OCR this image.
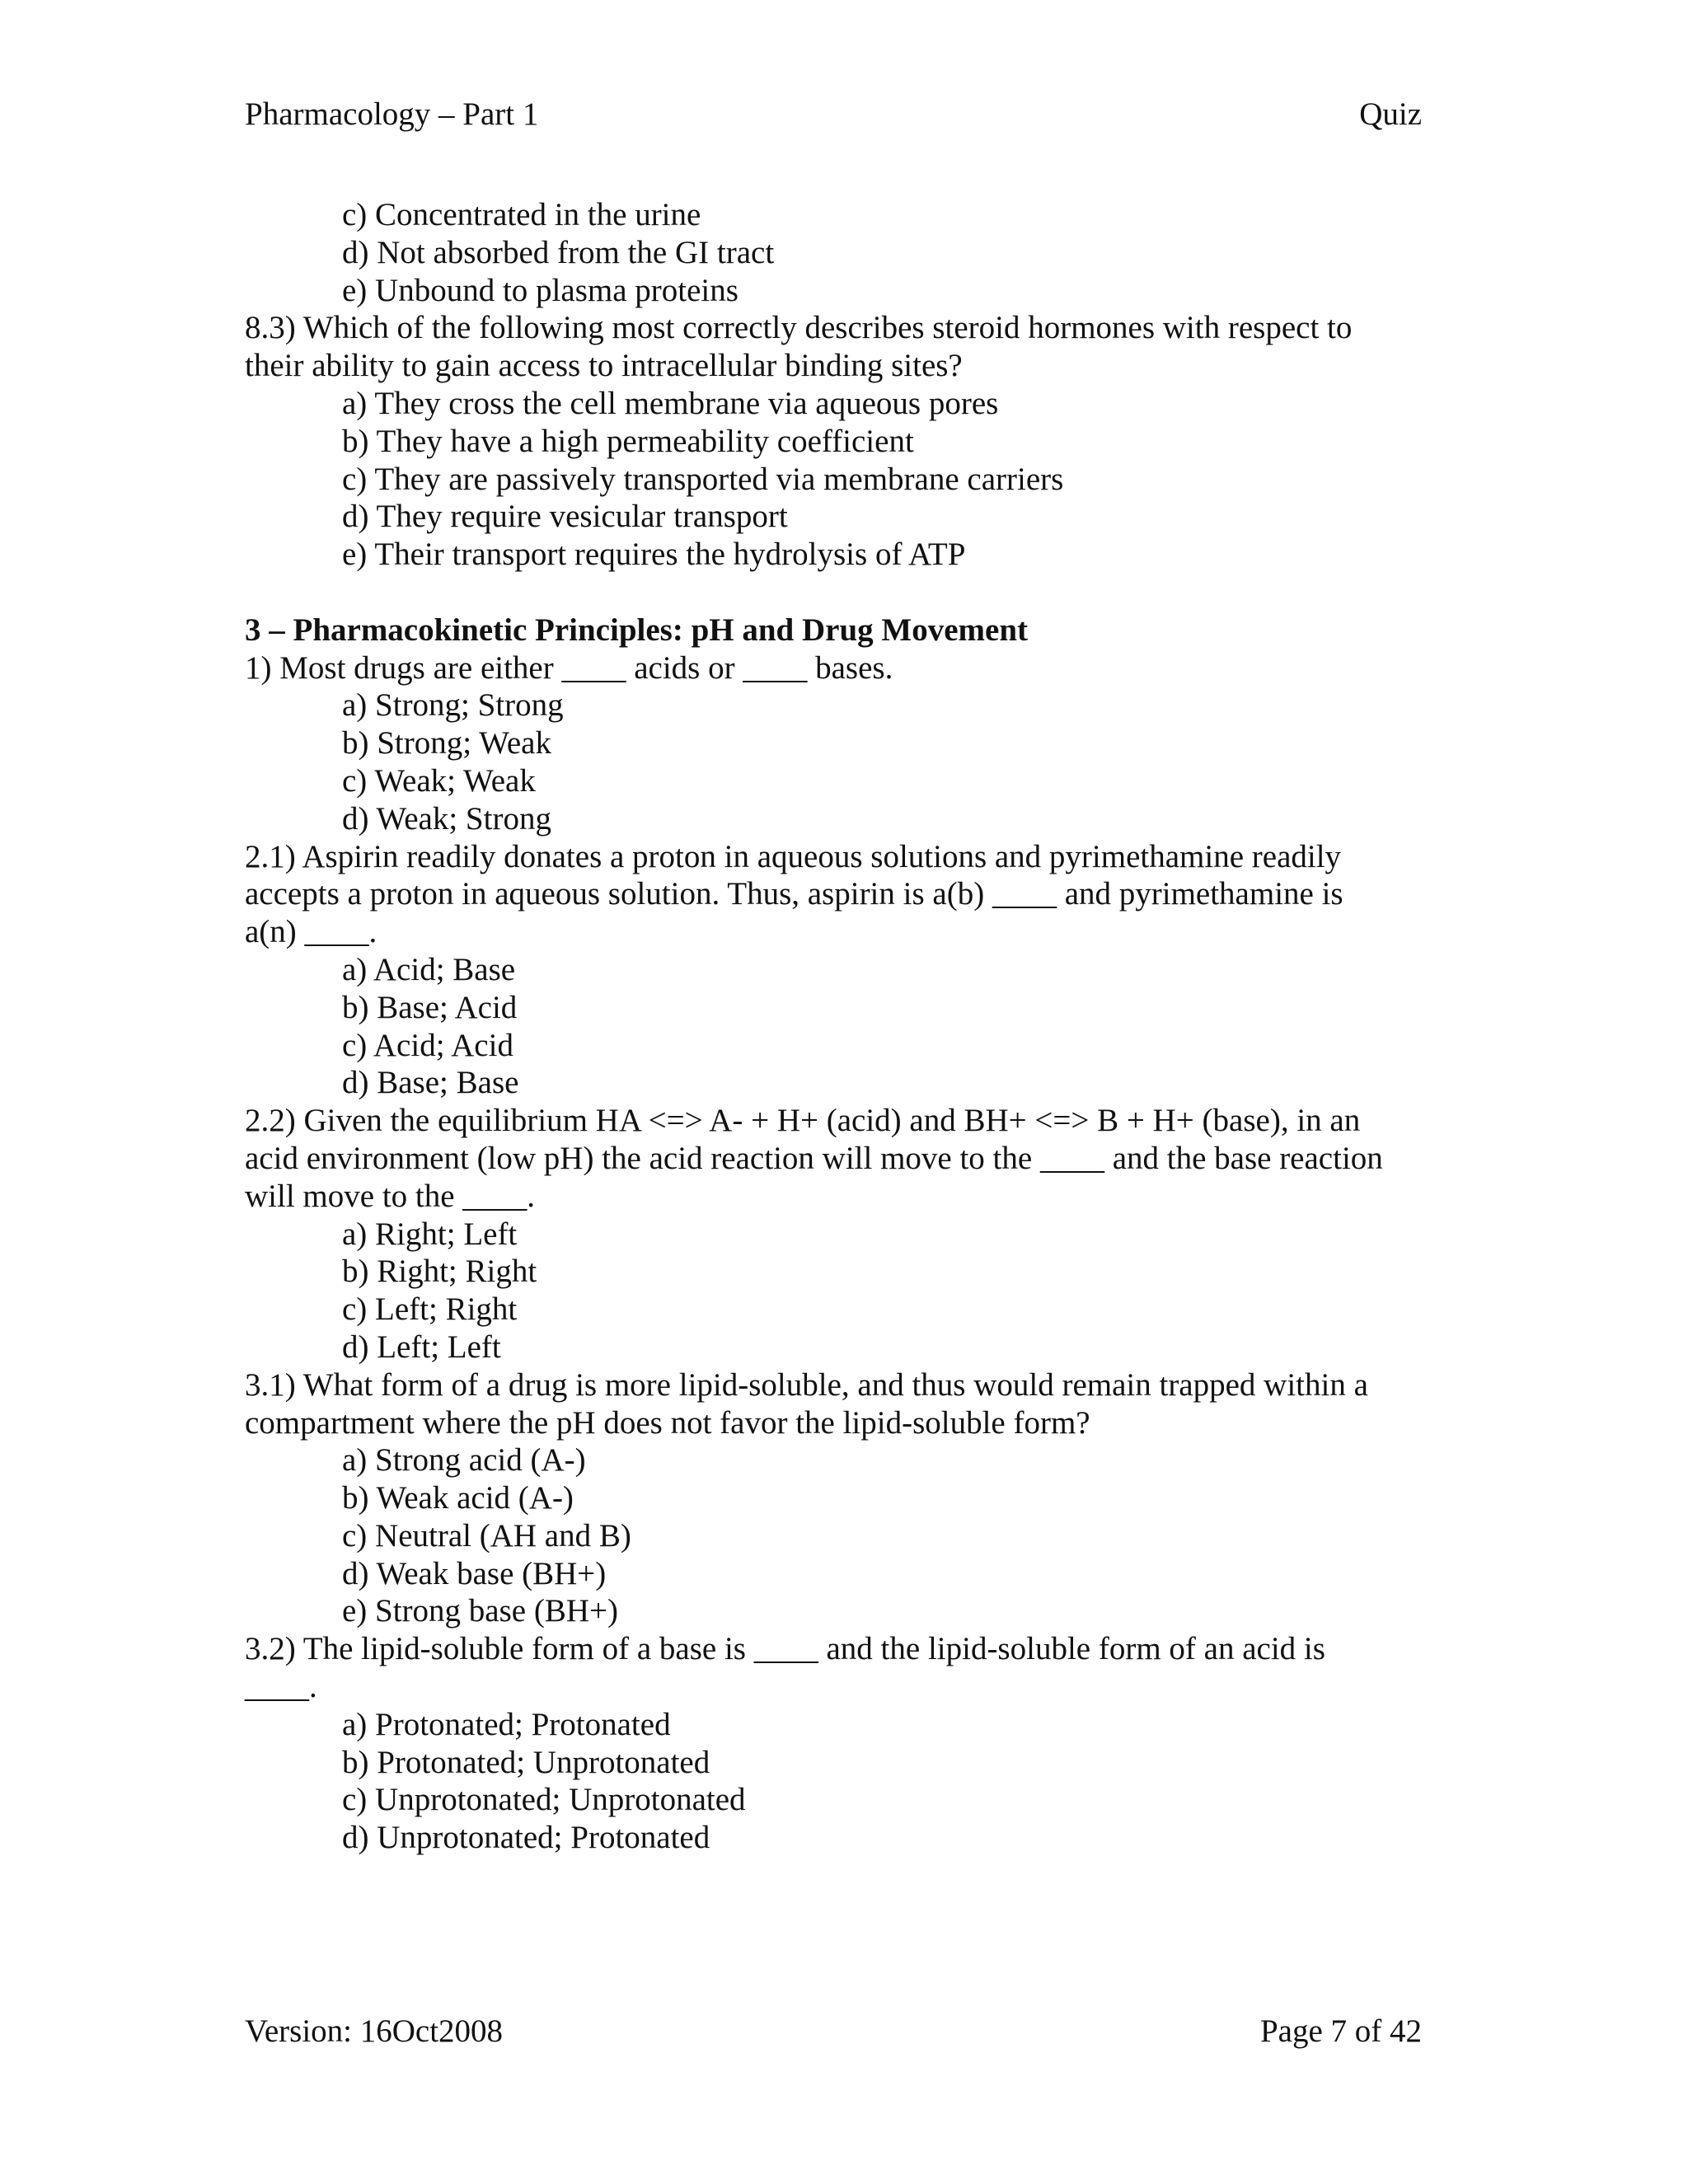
Pharmacology – Part 1	Quiz
c) Concentrated in the urine
d) Not absorbed from the GI tract
e) Unbound to plasma proteins
8.3) Which of the following most correctly describes steroid hormones with respect to
their ability to gain access to intracellular binding sites?
a) They cross the cell membrane via aqueous pores
b) They have a high permeability coefficient
c) They are passively transported via membrane carriers
d) They require vesicular transport
e) Their transport requires the hydrolysis of ATP
3 – Pharmacokinetic Principles: pH and Drug Movement
1) Most drugs are either ____ acids or ____ bases.
a) Strong; Strong
b) Strong; Weak
c) Weak; Weak
d) Weak; Strong
2.1) Aspirin readily donates a proton in aqueous solutions and pyrimethamine readily
accepts a proton in aqueous solution. Thus, aspirin is a(b) ____ and pyrimethamine is
a(n) ____.
a) Acid; Base
b) Base; Acid
c) Acid; Acid
d) Base; Base
2.2) Given the equilibrium HA <=> A- + H+ (acid) and BH+ <=> B + H+ (base), in an
acid environment (low pH) the acid reaction will move to the ____ and the base reaction
will move to the ____.
a) Right; Left
b) Right; Right
c) Left; Right
d) Left; Left
3.1) What form of a drug is more lipid-soluble, and thus would remain trapped within a
compartment where the pH does not favor the lipid-soluble form?
a) Strong acid (A-)
b) Weak acid (A-)
c) Neutral (AH and B)
d) Weak base (BH+)
e) Strong base (BH+)
3.2) The lipid-soluble form of a base is ____ and the lipid-soluble form of an acid is
____.
a) Protonated; Protonated
b) Protonated; Unprotonated
c) Unprotonated; Unprotonated
d) Unprotonated; Protonated
Version: 16Oct2008	Page 7 of 42
